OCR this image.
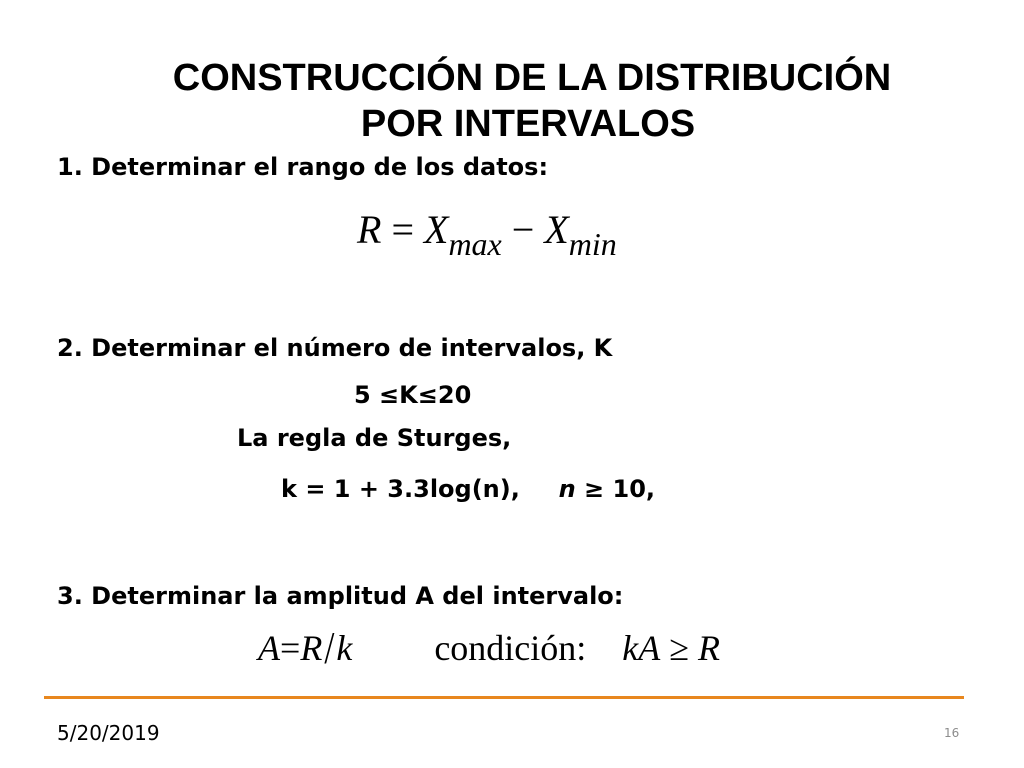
CONSTRUCCIÓN DE LA DISTRIBUCIÓN
POR INTERVALOS
1. Determinar el rango de los datos:
$R = X_{max} - X_{min}$
2. Determinar el número de intervalos, K
5 ≤K≤20
La regla de Sturges,
k = 1 + 3.3log(n), n ≥ 10,
3. Determinar la amplitud A del intervalo:
A=R/k condición: kA ≥ R
5/20/2019	16
